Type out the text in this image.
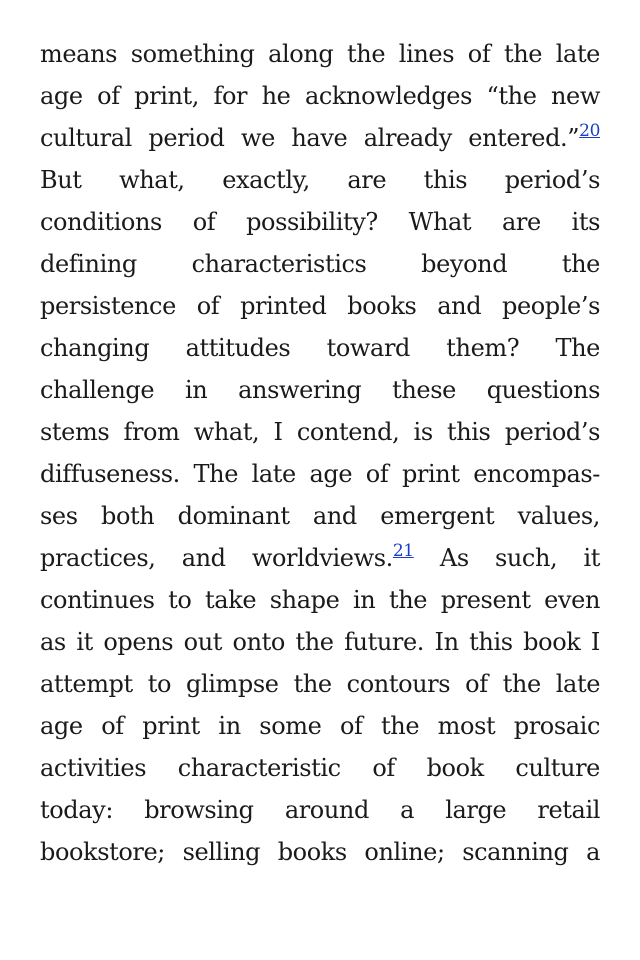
means something along the lines of the late
age of print, for he acknowledges “the new
cultural period we have already entered.”$^{20}$
But what, exactly, are this period’s
conditions of possibility? What are its
defining characteristics beyond the
persistence of printed books and people’s
changing attitudes toward them? The
challenge in answering these questions
stems from what, I contend, is this period’s
diffuseness. The late age of print encompas-
ses both dominant and emergent values,
practices, and worldviews.$^{21}$ As such, it
continues to take shape in the present even
as it opens out onto the future. In this book I
attempt to glimpse the contours of the late
age of print in some of the most prosaic
activities characteristic of book culture
today: browsing around a large retail
bookstore; selling books online; scanning a
